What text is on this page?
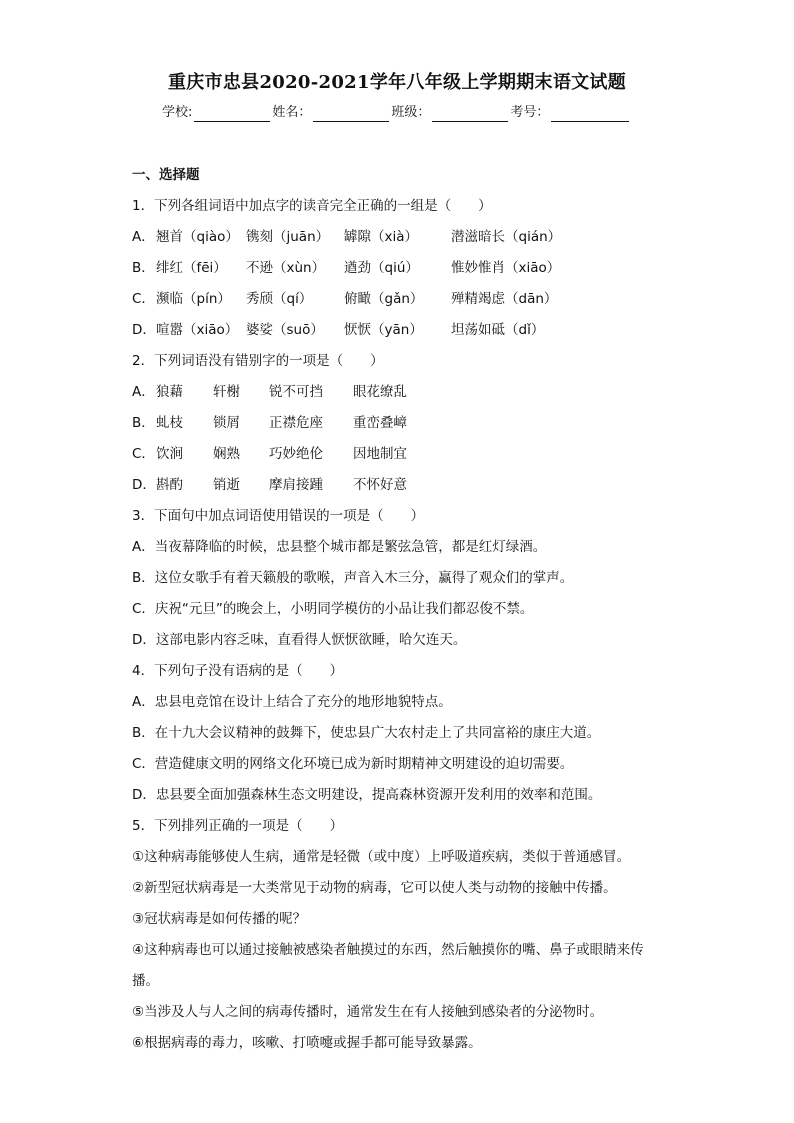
重庆市忠县2020-2021学年八年级上学期期末语文试题
学校:	姓名：	班级：	考号：
一、选择题
1．下列各组词语中加点字的读音完全正确的一组是（　　）
A． 翘首（qiào） 镌刻（juān）	罅隙（xià）	潜滋暗长（qián）
B． 绯红（fēi）	不逊（xùn）	遒劲（qiú）	惟妙惟肖（xiāo）
C． 濒临（pín）	秀颀（qí）	俯瞰（gǎn）	殚精竭虑（dān）
D． 喧嚣（xiāo） 婆娑（suō）	恹恹（yān）	坦荡如砥（dǐ）
2．下列词语没有错别字的一项是（　　）
A． 狼藉	轩榭	锐不可挡	眼花缭乱
B． 虬枝	锁屑	正襟危座	重峦叠嶂
C． 饮涧	娴熟	巧妙绝伦	因地制宜
D． 斟酌	销逝	摩肩接踵	不怀好意
3．下面句中加点词语使用错误的一项是（　　）
A．当夜幕降临的时候，忠县整个城市都是繁弦急管，都是红灯绿酒。
B．这位女歌手有着天籁般的歌喉，声音入木三分，赢得了观众们的掌声。
C．庆祝“元旦”的晚会上，小明同学模仿的小品让我们都忍俊不禁。
D．这部电影内容乏味，直看得人恹恹欲睡，哈欠连天。
4．下列句子没有语病的是（　　）
A．忠县电竞馆在设计上结合了充分的地形地貌特点。
B．在十九大会议精神的鼓舞下，使忠县广大农村走上了共同富裕的康庄大道。
C．营造健康文明的网络文化环境已成为新时期精神文明建设的迫切需要。
D．忠县要全面加强森林生态文明建设，提高森林资源开发利用的效率和范围。
5．下列排列正确的一项是（　　）
①这种病毒能够使人生病，通常是轻微（或中度）上呼吸道疾病，类似于普通感冒。
②新型冠状病毒是一大类常见于动物的病毒，它可以使人类与动物的接触中传播。
③冠状病毒是如何传播的呢？
④这种病毒也可以通过接触被感染者触摸过的东西，然后触摸你的嘴、鼻子或眼睛来传
播。
⑤当涉及人与人之间的病毒传播时，通常发生在有人接触到感染者的分泌物时。
⑥根据病毒的毒力，咳嗽、打喷嚏或握手都可能导致暴露。
